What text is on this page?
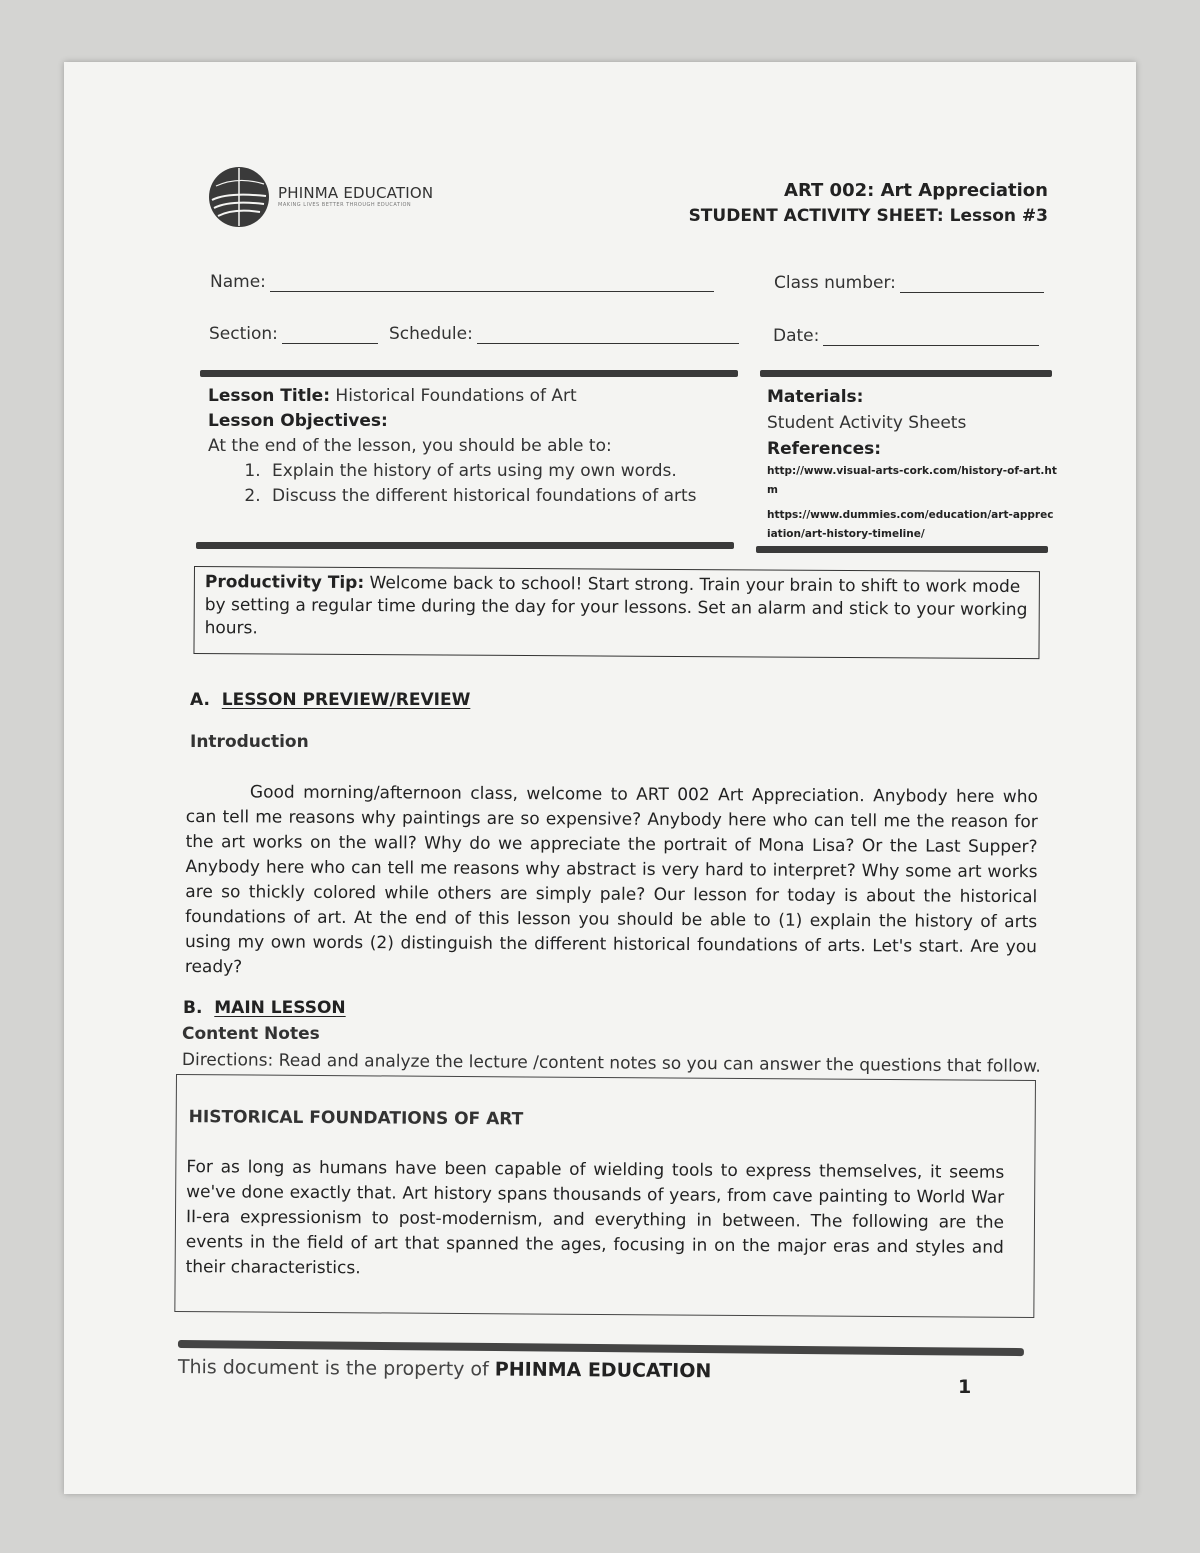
PHINMA EDUCATION
MAKING LIVES BETTER THROUGH EDUCATION
ART 002: Art Appreciation
STUDENT ACTIVITY SHEET: Lesson #3
Name:	Class number:
Section:	Schedule:	Date:
Lesson Title: Historical Foundations of Art
Lesson Objectives:
At the end of the lesson, you should be able to:
1. Explain the history of arts using my own words.
2. Discuss the different historical foundations of arts
Materials:
Student Activity Sheets
References:
http://www.visual-arts-cork.com/history-of-art.htm
https://www.dummies.com/education/art-appreciation/art-history-timeline/
Productivity Tip: Welcome back to school! Start strong. Train your brain to shift to work mode by setting a regular time during the day for your lessons. Set an alarm and stick to your working hours.
A. LESSON PREVIEW/REVIEW
Introduction
Good morning/afternoon class, welcome to ART 002 Art Appreciation. Anybody here who can tell me reasons why paintings are so expensive? Anybody here who can tell me the reason for the art works on the wall? Why do we appreciate the portrait of Mona Lisa? Or the Last Supper? Anybody here who can tell me reasons why abstract is very hard to interpret? Why some art works are so thickly colored while others are simply pale? Our lesson for today is about the historical foundations of art. At the end of this lesson you should be able to (1) explain the history of arts using my own words (2) distinguish the different historical foundations of arts. Let's start. Are you ready?
B. MAIN LESSON
Content Notes
Directions: Read and analyze the lecture /content notes so you can answer the questions that follow.
HISTORICAL FOUNDATIONS OF ART

For as long as humans have been capable of wielding tools to express themselves, it seems we've done exactly that. Art history spans thousands of years, from cave painting to World War II-era expressionism to post-modernism, and everything in between. The following are the events in the field of art that spanned the ages, focusing in on the major eras and styles and their characteristics.

This document is the property of PHINMA EDUCATION
1
